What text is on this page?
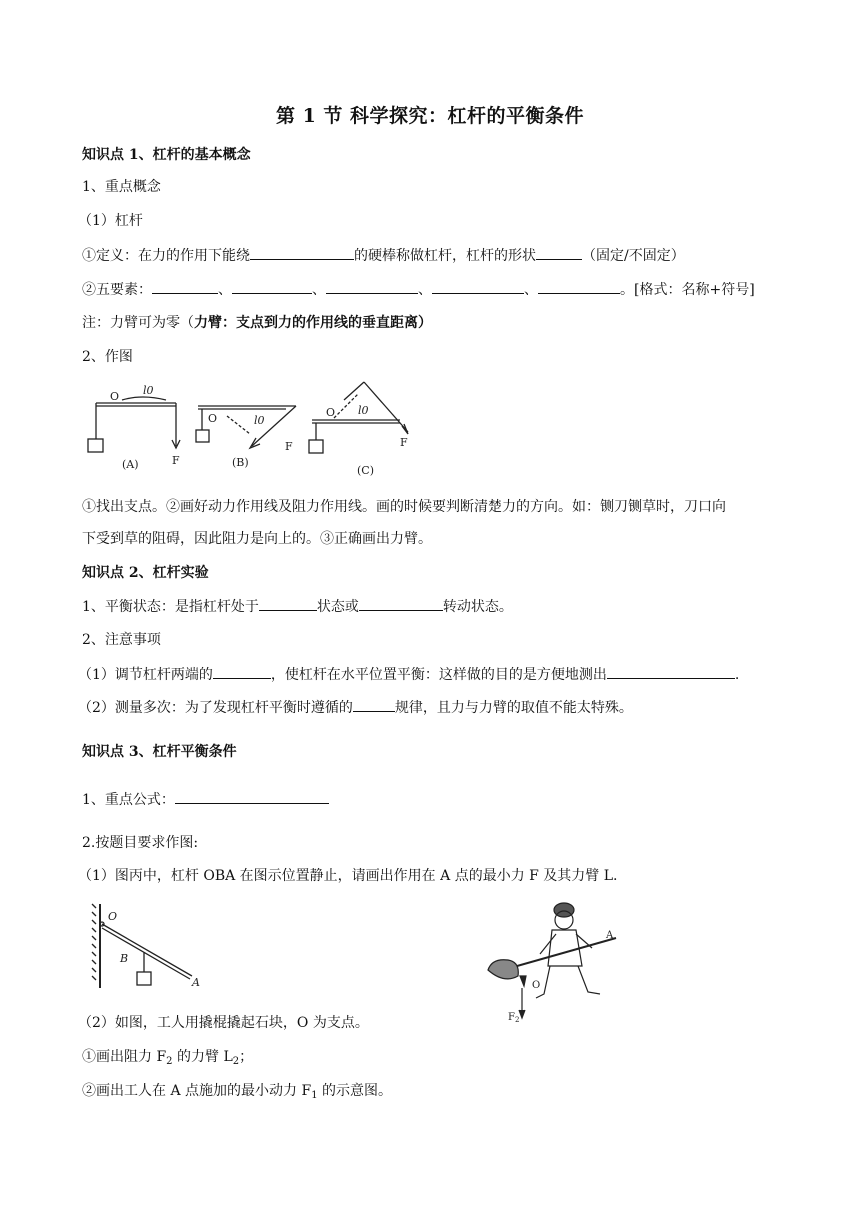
第 1 节 科学探究：杠杆的平衡条件
知识点 1、杠杆的基本概念
1、重点概念
（1）杠杆
①定义：在力的作用下能绕	的硬棒称做杠杆，杠杆的形状	（固定/不固定）
②五要素：	、	、	、	、	。[格式：名称+符号]
注：力臂可为零（力臂：支点到力的作用线的垂直距离）
2、作图
O l0
F
(A)
O	l0
F
(B)
O l0
F
(C)
①找出支点。②画好动力作用线及阻力作用线。画的时候要判断清楚力的方向。如：铡刀铡草时，刀口向
下受到草的阻碍，因此阻力是向上的。③正确画出力臂。
知识点 2、杠杆实验
1、平衡状态：是指杠杆处于	状态或	转动状态。
2、注意事项
（1）调节杠杆两端的	，使杠杆在水平位置平衡：这样做的目的是方便地测出	.
（2）测量多次：为了发现杠杆平衡时遵循的	规律，且力与力臂的取值不能太特殊。
知识点 3、杠杆平衡条件
1、重点公式：
2.按题目要求作图:
（1）图丙中，杠杆 OBA 在图示位置静止，请画出作用在 A 点的最小力 F 及其力臂 L.
O
B
A
A
O
$F_2$
（2）如图，工人用撬棍撬起石块，O 为支点。
①画出阻力 $F_2$ 的力臂 $L_2$；
②画出工人在 A 点施加的最小动力 $F_1$ 的示意图。
